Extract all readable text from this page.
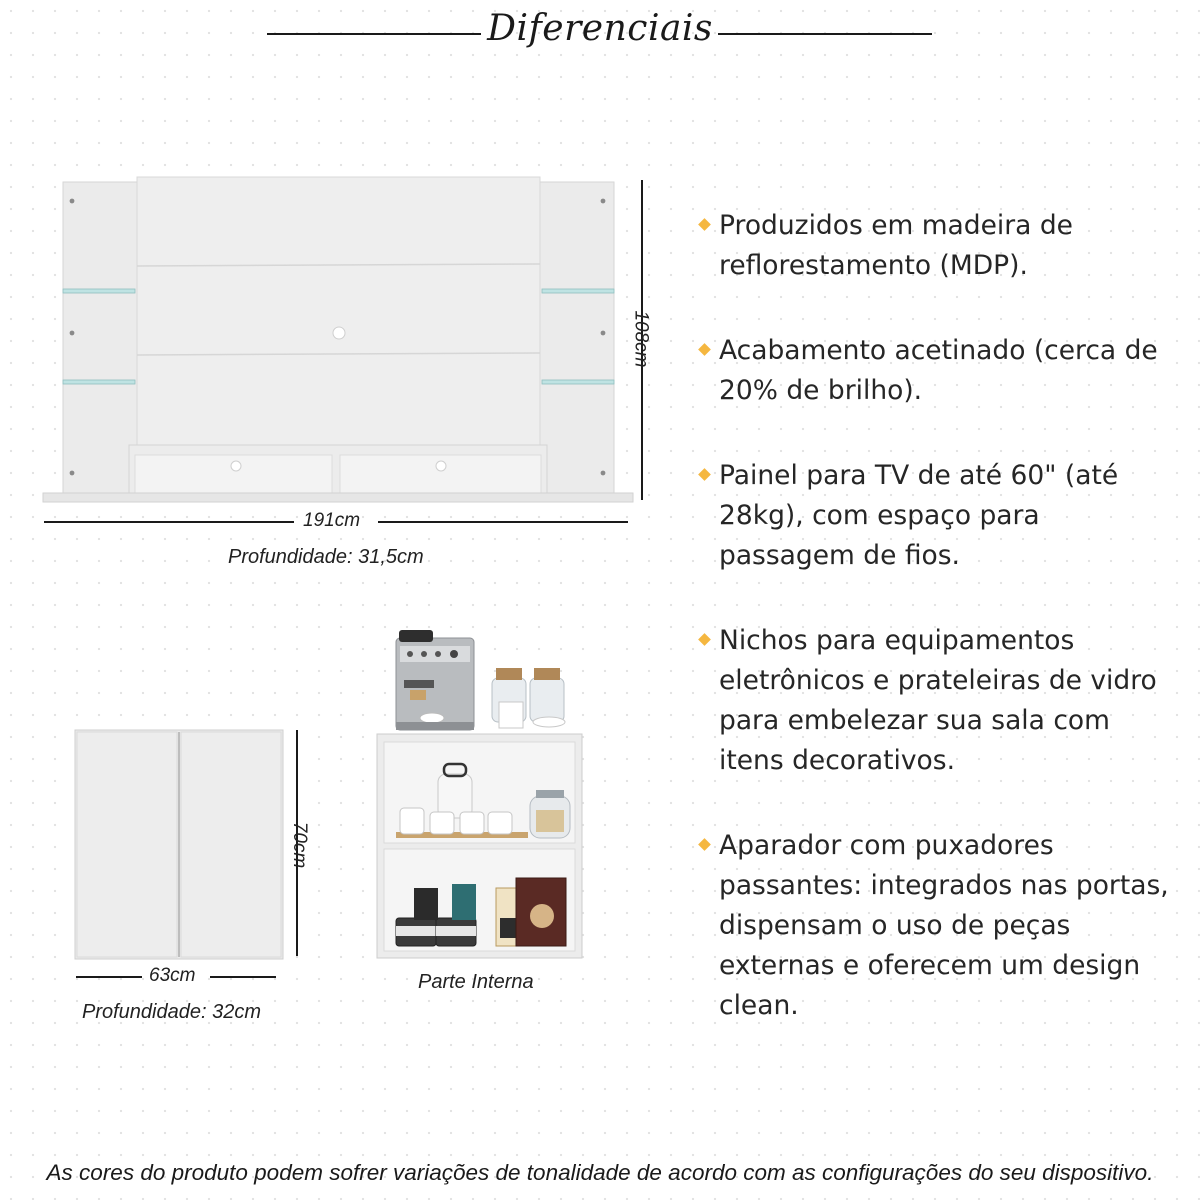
Diferenciais
108cm
191cm
Profundidade: 31,5cm
70cm
63cm
Profundidade: 32cm
Parte Interna
Produzidos em madeira de reflorestamento (MDP).
Acabamento acetinado (cerca de 20% de brilho).
Painel para TV de até 60" (até 28kg), com espaço para passagem de fios.
Nichos para equipamentos eletrônicos e prateleiras de vidro para embelezar sua sala com itens decorativos.
Aparador com puxadores passantes: integrados nas portas, dispensam o uso de peças externas e oferecem um design clean.
As cores do produto podem sofrer variações de tonalidade de acordo com as configurações do seu dispositivo.
